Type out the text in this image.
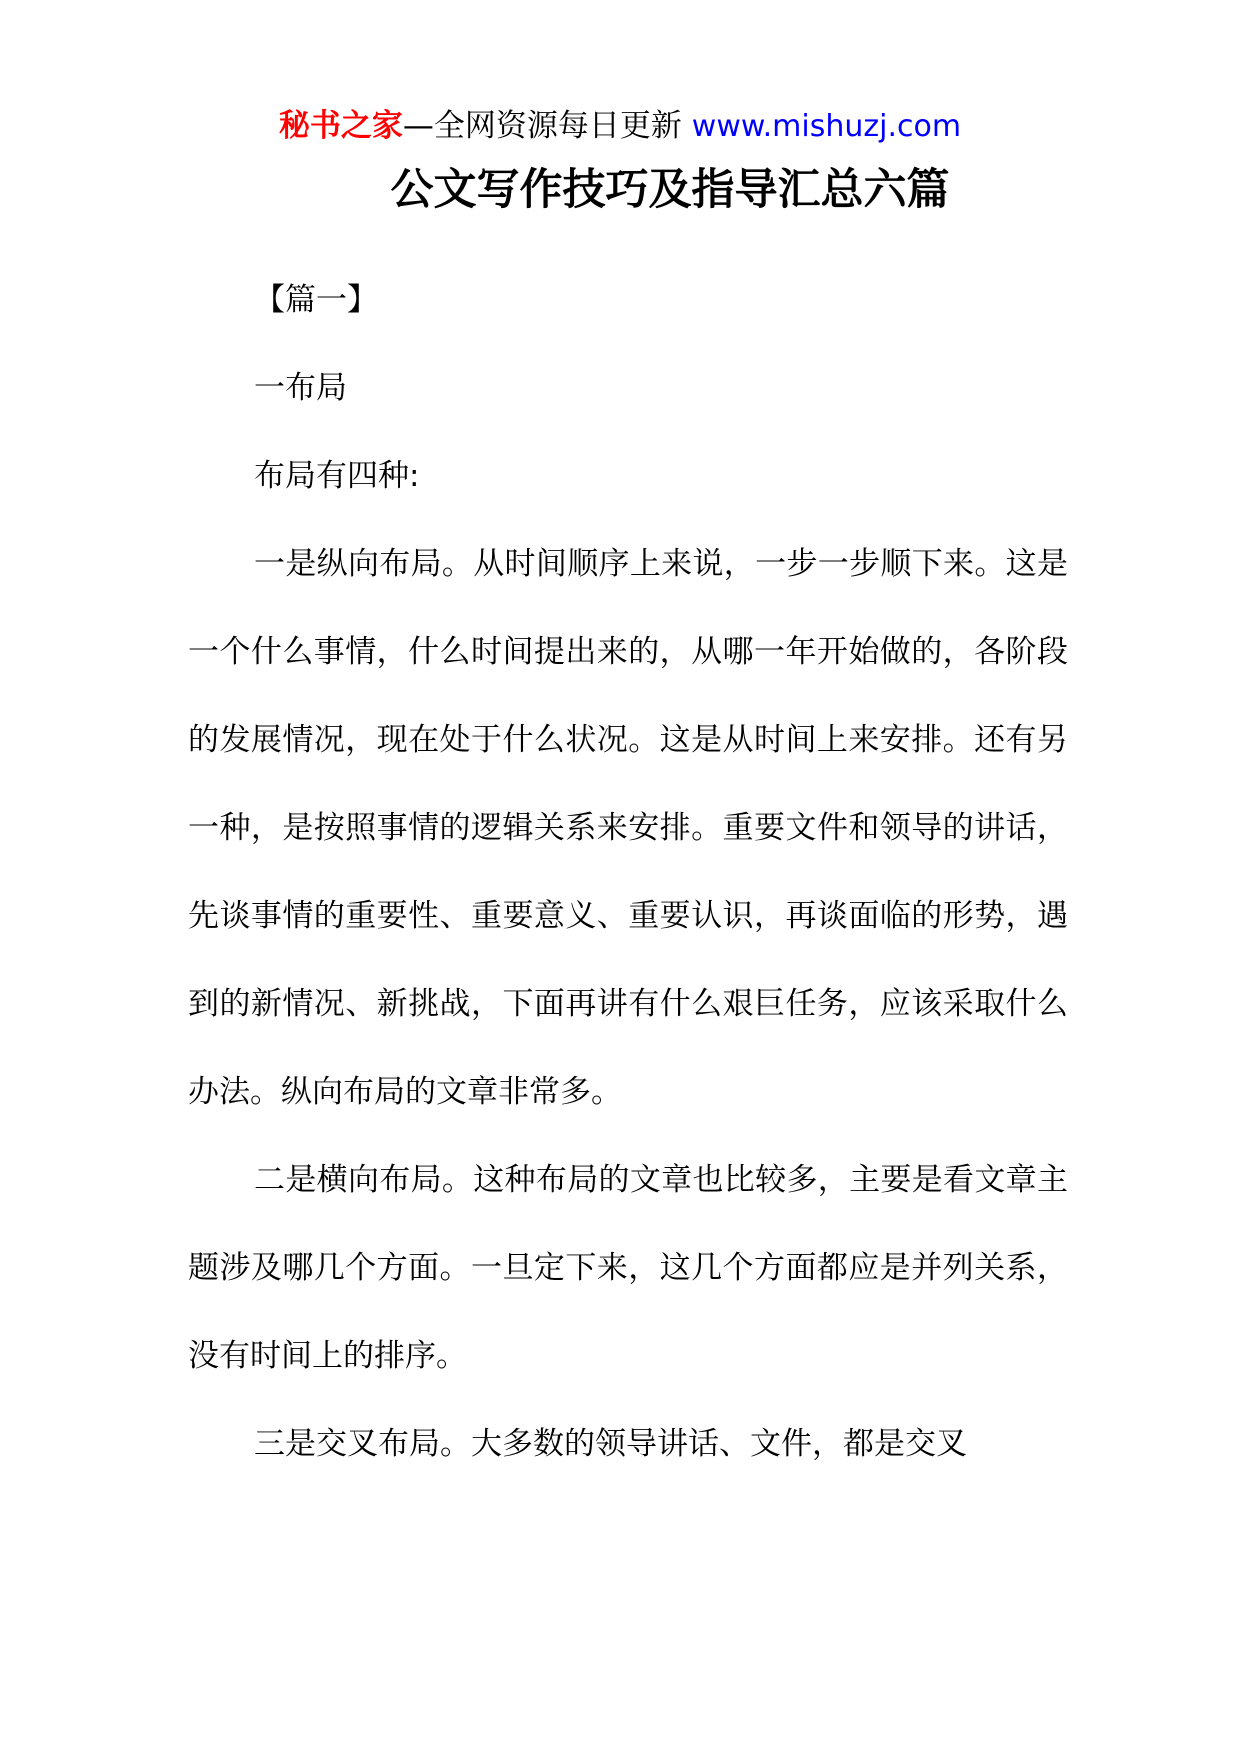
秘书之家—全网资源每日更新 www.mishuzj.com
公文写作技巧及指导汇总六篇

【篇一】

一布局

布局有四种:

一是纵向布局。从时间顺序上来说，一步一步顺下来。这是一个什么事情，什么时间提出来的，从哪一年开始做的，各阶段的发展情况，现在处于什么状况。这是从时间上来安排。还有另一种，是按照事情的逻辑关系来安排。重要文件和领导的讲话，先谈事情的重要性、重要意义、重要认识，再谈面临的形势，遇到的新情况、新挑战，下面再讲有什么艰巨任务，应该采取什么办法。纵向布局的文章非常多。

二是横向布局。这种布局的文章也比较多，主要是看文章主题涉及哪几个方面。一旦定下来，这几个方面都应是并列关系，没有时间上的排序。

三是交叉布局。大多数的领导讲话、文件，都是交叉
